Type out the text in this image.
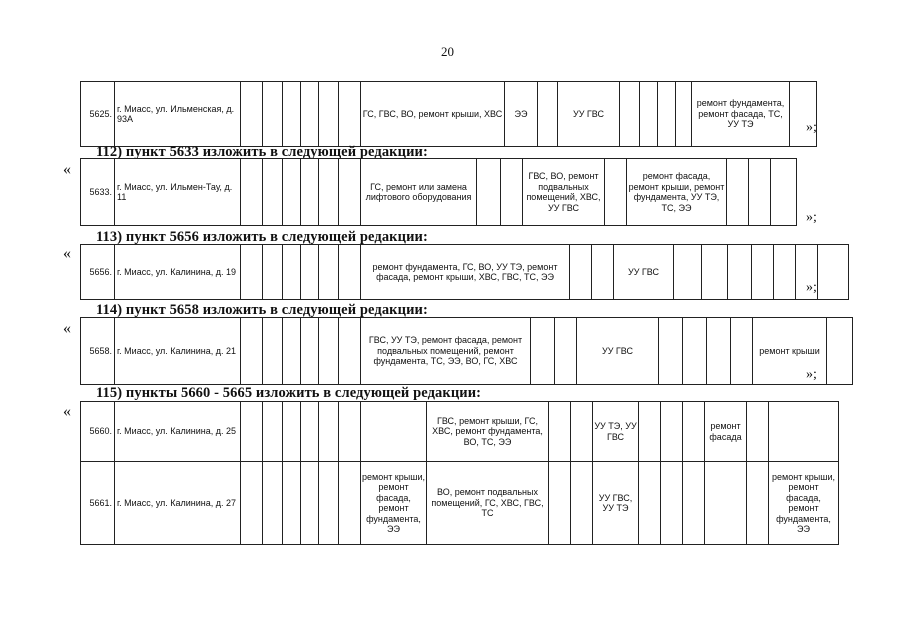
20
5625.	г. Миасс, ул. Ильменская, д. 93А							ГС, ГВС, ВО, ремонт крыши, ХВС	ЭЭ		УУ ГВС					ремонт фундамента, ремонт фасада, ТС, УУ ТЭ		»;
112) пункт 5633 изложить в следующей редакции:
«
5633.	г. Миасс, ул. Ильмен-Тау, д. 11							ГС, ремонт или замена лифтового оборудования			ГВС, ВО, ремонт подвальных помещений, ХВС, УУ ГВС		ремонт фасада, ремонт крыши, ремонт фундамента, УУ ТЭ, ТС, ЭЭ			
»;
113) пункт 5656 изложить в следующей редакции:
«
5656.	г. Миасс, ул. Калинина, д. 19							ремонт фундамента, ГС, ВО, УУ ТЭ, ремонт фасада, ремонт крыши, ХВС, ГВС, ТС, ЭЭ			УУ ГВС							
»;
114) пункт 5658 изложить в следующей редакции:
«
5658.	г. Миасс, ул. Калинина, д. 21							ГВС, УУ ТЭ, ремонт фасада, ремонт подвальных помещений, ремонт фундамента, ТС, ЭЭ, ВО, ГС, ХВС			УУ ГВС					ремонт крыши	
»;
115) пункты 5660 - 5665 изложить в следующей редакции:
«
5660.	г. Миасс, ул. Калинина, д. 25								ГВС, ремонт крыши, ГС, ХВС, ремонт фундамента, ВО, ТС, ЭЭ			УУ ТЭ, УУ ГВС				ремонт фасада		
5661.	г. Миасс, ул. Калинина, д. 27							ремонт крыши, ремонт фасада, ремонт фундамента, ЭЭ	ВО, ремонт подвальных помещений, ГС, ХВС, ГВС, ТС			УУ ГВС, УУ ТЭ						ремонт крыши, ремонт фасада, ремонт фундамента, ЭЭ
